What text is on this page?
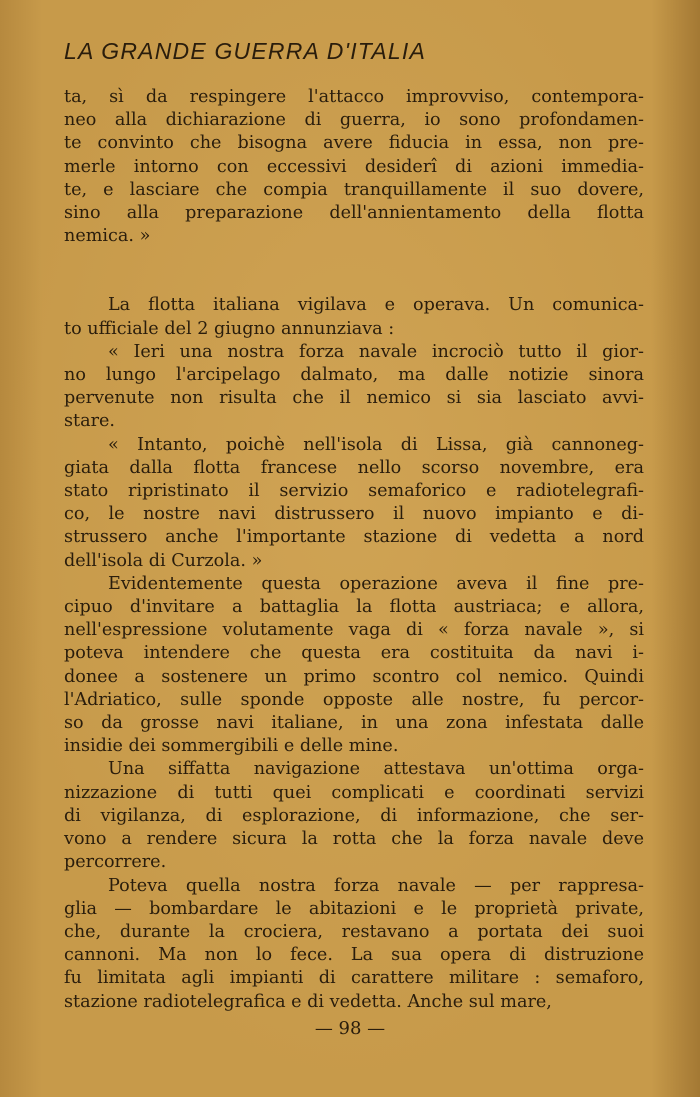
LA GRANDE GUERRA D'ITALIA
ta, sì da respingere l'attacco improvviso, contempora-
neo alla dichiarazione di guerra, io sono profondamen-
te convinto che bisogna avere fiducia in essa, non pre-
merle intorno con eccessivi desiderî di azioni immedia-
te, e lasciare che compia tranquillamente il suo dovere,
sino alla preparazione dell'annientamento della flotta
nemica. »
La flotta italiana vigilava e operava. Un comunica-
to ufficiale del 2 giugno annunziava :
« Ieri una nostra forza navale incrociò tutto il gior-
no lungo l'arcipelago dalmato, ma dalle notizie sinora
pervenute non risulta che il nemico si sia lasciato avvi-
stare.
« Intanto, poichè nell'isola di Lissa, già cannoneg-
giata dalla flotta francese nello scorso novembre, era
stato ripristinato il servizio semaforico e radiotelegrafi-
co, le nostre navi distrussero il nuovo impianto e di-
strussero anche l'importante stazione di vedetta a nord
dell'isola di Curzola. »
Evidentemente questa operazione aveva il fine pre-
cipuo d'invitare a battaglia la flotta austriaca; e allora,
nell'espressione volutamente vaga di « forza navale », si
poteva intendere che questa era costituita da navi i-
donee a sostenere un primo scontro col nemico. Quindi
l'Adriatico, sulle sponde opposte alle nostre, fu percor-
so da grosse navi italiane, in una zona infestata dalle
insidie dei sommergibili e delle mine.
Una siffatta navigazione attestava un'ottima orga-
nizzazione di tutti quei complicati e coordinati servizi
di vigilanza, di esplorazione, di informazione, che ser-
vono a rendere sicura la rotta che la forza navale deve
percorrere.
Poteva quella nostra forza navale — per rappresa-
glia — bombardare le abitazioni e le proprietà private,
che, durante la crociera, restavano a portata dei suoi
cannoni. Ma non lo fece. La sua opera di distruzione
fu limitata agli impianti di carattere militare : semaforo,
stazione radiotelegrafica e di vedetta. Anche sul mare,
— 98 —
